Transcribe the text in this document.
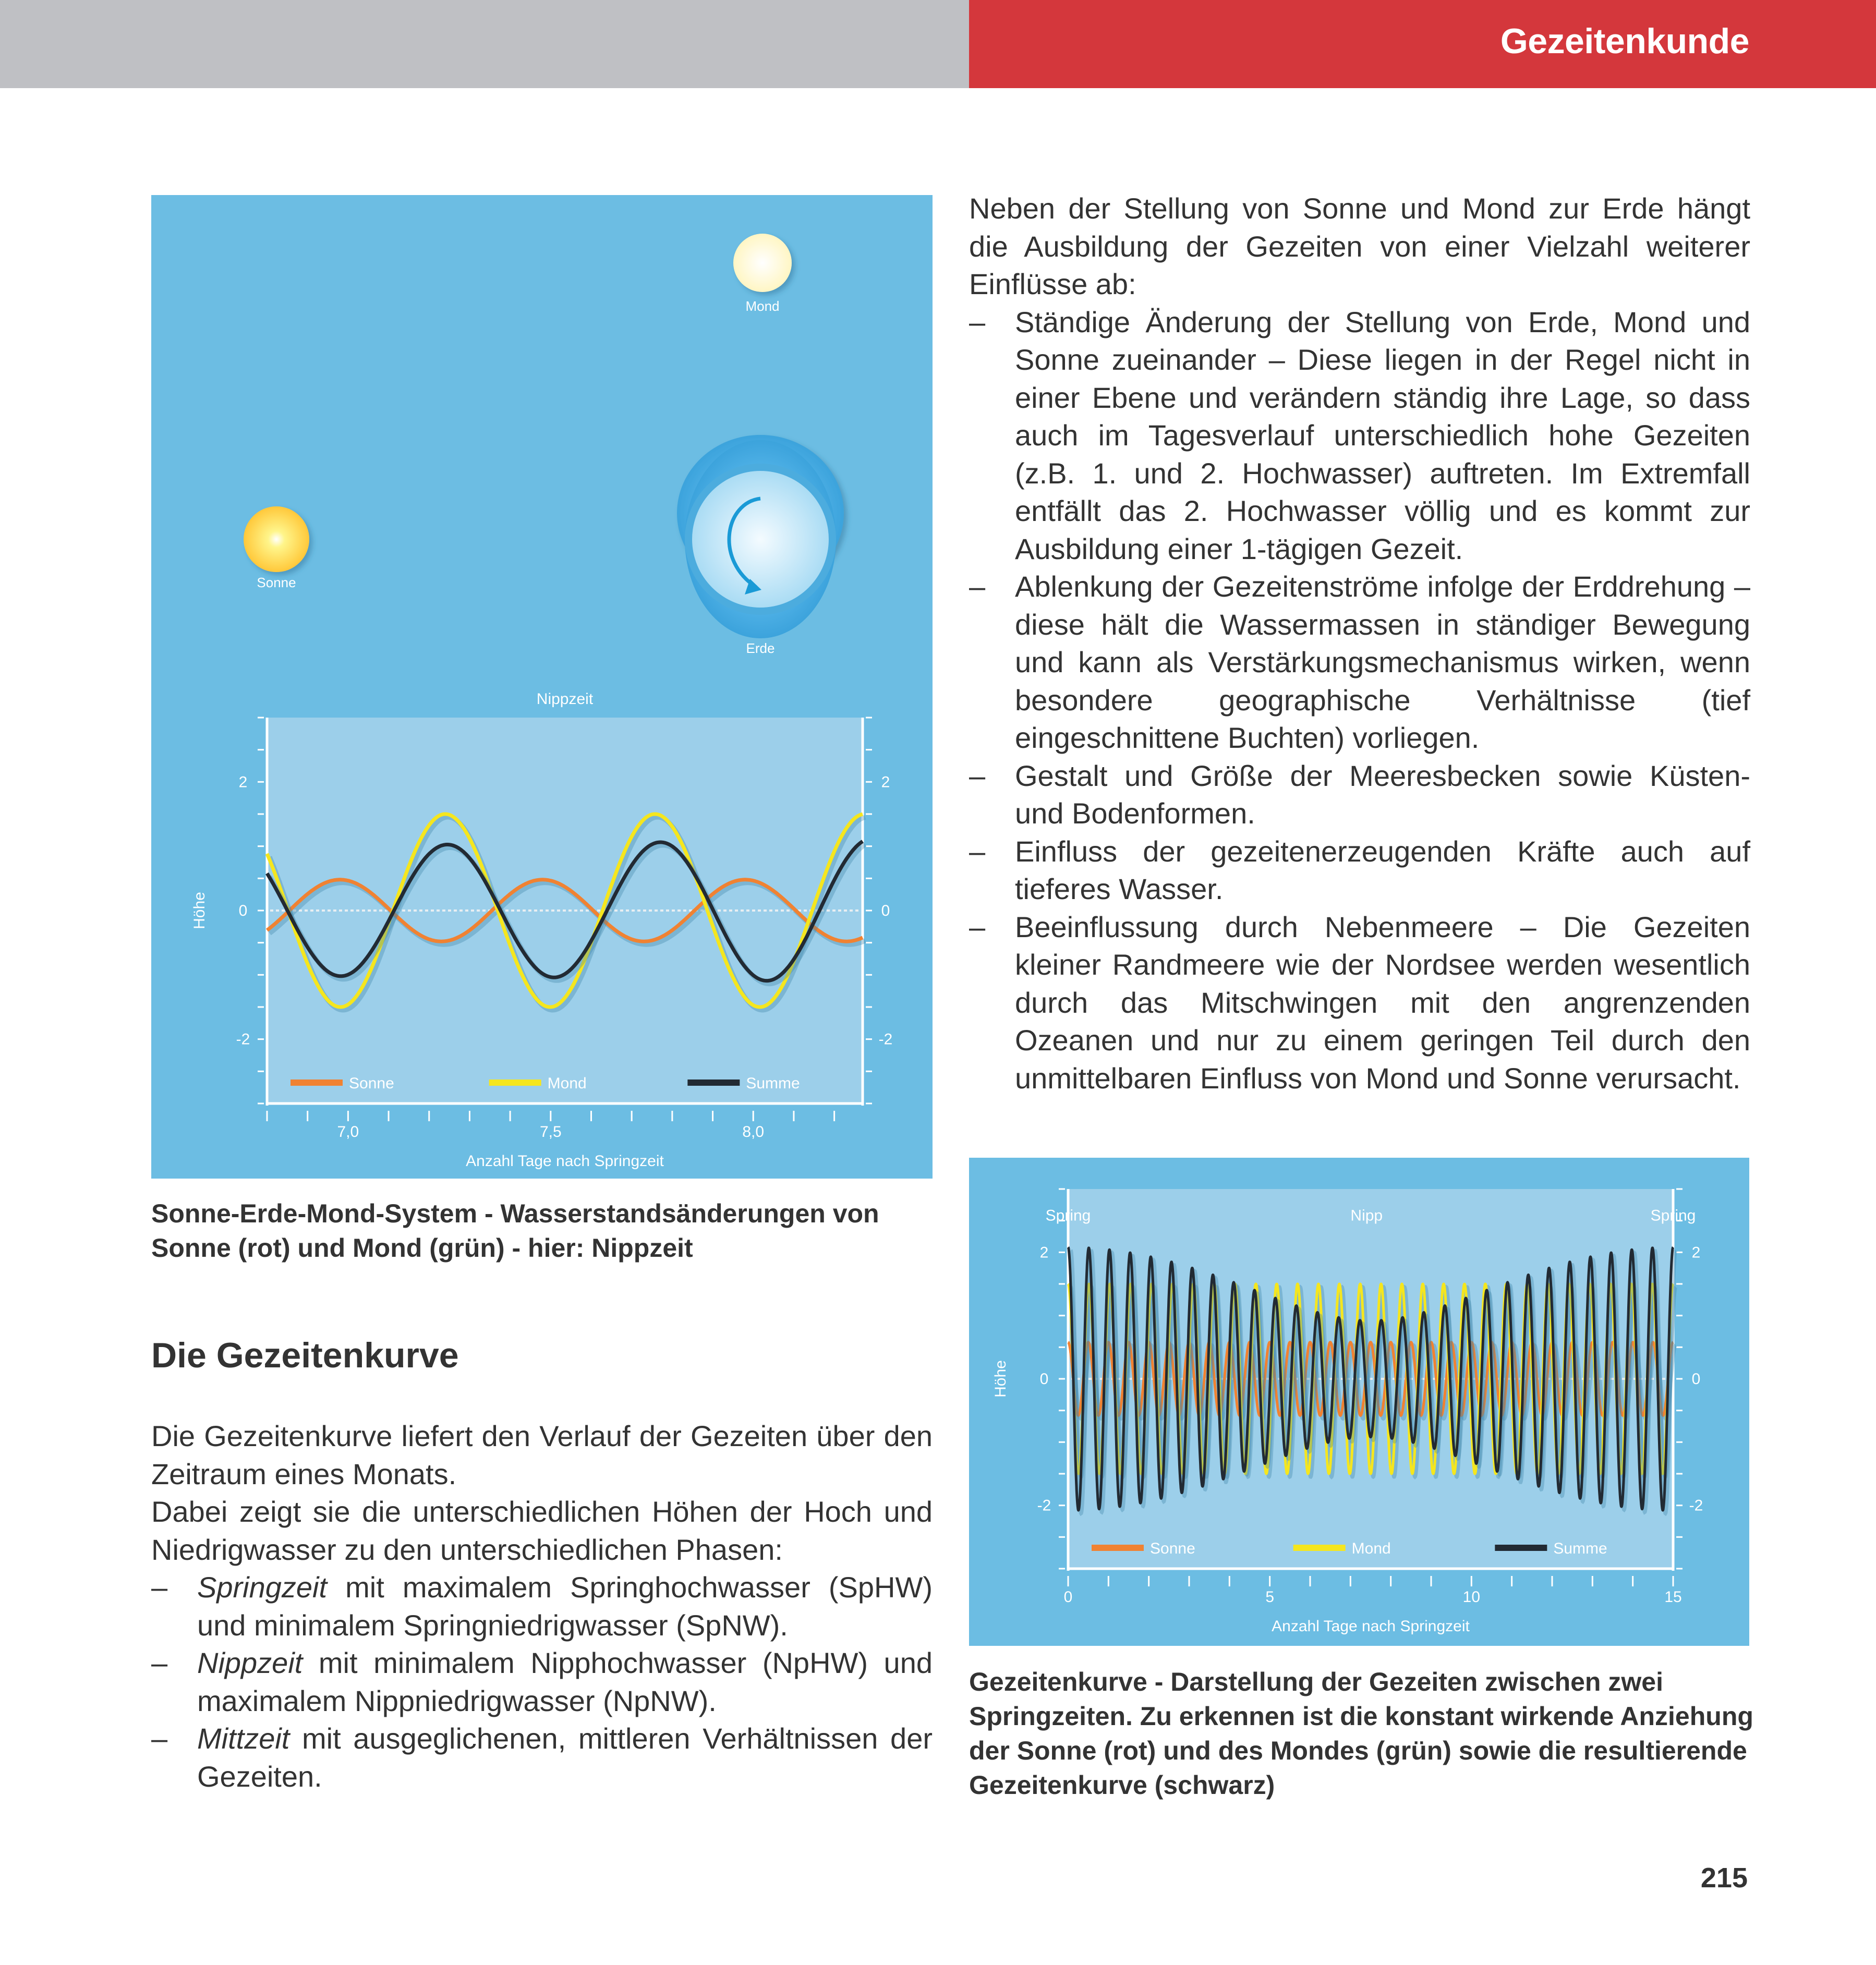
Gezeitenkunde
Mond
Sonne
Erde
-2	-2
0	0
2	2
7,0	7,5	8,0
Anzahl Tage nach Springzeit
Höhe
Nippzeit
Sonne	Mond	Summe
-2	-2
0	0
2	2
0	5	10	15
Anzahl Tage nach Springzeit
Höhe
Spring	Nipp	Spring
Sonne	Mond	Summe
Sonne-Erde-Mond-System - Wasserstandsänderungen von Sonne (rot) und Mond (grün) - hier: Nippzeit
Gezeitenkurve - Darstellung der Gezeiten zwischen zwei Springzeiten. Zu erkennen ist die konstant wirkende Anziehung der Sonne (rot) und des Mondes (grün) sowie die resultierende Gezeitenkurve (schwarz)
Neben der Stellung von Sonne und Mond zur Erde hängt die Ausbildung der Gezeiten von einer Vielzahl weiterer Einflüsse ab:
– Ständige Änderung der Stellung von Erde, Mond und Sonne zueinander – Diese liegen in der Regel nicht in einer Ebene und verändern ständig ihre Lage, so dass auch im Tagesverlauf unterschiedlich hohe Gezeiten (z.B. 1. und 2. Hochwasser) auftreten. Im Extremfall entfällt das 2. Hochwasser völlig und es kommt zur Ausbildung einer 1-tägigen Gezeit.
– Ablenkung der Gezeitenströme infolge der Erddrehung – diese hält die Wassermassen in ständiger Bewegung und kann als Verstärkungsmechanismus wirken, wenn besondere geographische Verhältnisse (tief eingeschnittene Buchten) vorliegen.
– Gestalt und Größe der Meeresbecken sowie Küsten- und Bodenformen.
– Einfluss der gezeitenerzeugenden Kräfte auch auf tieferes Wasser.
– Beeinflussung durch Nebenmeere – Die Gezeiten kleiner Randmeere wie der Nordsee werden wesentlich durch das Mitschwingen mit den angrenzenden Ozeanen und nur zu einem geringen Teil durch den unmittelbaren Einfluss von Mond und Sonne verursacht.
Die Gezeitenkurve
Die Gezeitenkurve liefert den Verlauf der Gezeiten über den Zeitraum eines Monats.
Dabei zeigt sie die unterschiedlichen Höhen der Hoch und Niedrigwasser zu den unterschiedlichen Phasen:
– Springzeit mit maximalem Springhochwasser (SpHW) und minimalem Springniedrigwasser (SpNW).
– Nippzeit mit minimalem Nipphochwasser (NpHW) und maximalem Nippniedrigwasser (NpNW).
– Mittzeit mit ausgeglichenen, mittleren Verhältnissen der Gezeiten.
215
